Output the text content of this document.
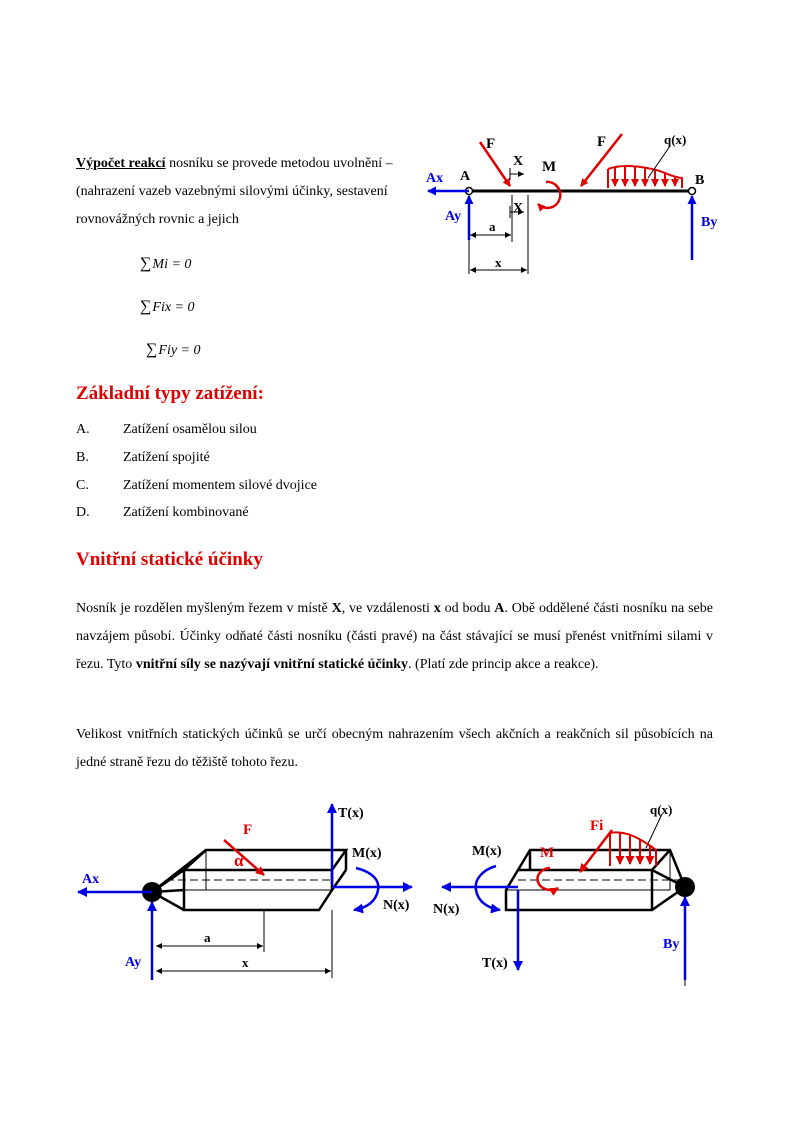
Výpočet reakcí nosníku se provede metodou uvolnění – (nahrazení vazeb vazebnými silovými účinky, sestavení rovnovážných rovnic a jejich
∑Mi = 0
∑Fix = 0
∑Fiy = 0
F	F	q(x)
X
X
M
Ax A	B
Ay	By
a
x
Základní typy zatížení:
A. Zatížení osamělou silou
B. Zatížení spojité
C. Zatížení momentem silové dvojice
D. Zatížení kombinované
Vnitřní statické účinky
Nosník je rozdělen myšleným řezem v místě X, ve vzdálenosti x od bodu A. Obě oddělené části nosníku na sebe navzájem působí. Účinky odňaté části nosníku (části pravé) na část stávající se musí přenést vnitřními silami v řezu. Tyto vnitřní síly se nazývají vnitřní statické účinky. (Platí zde princip akce a reakce).
Velikost vnitřních statických účinků se určí obecným nahrazením všech akčních a reakčních sil působících na jedné straně řezu do těžiště tohoto řezu.
F
α
Ax
Ay
a
x
T(x)
M(x)
N(x)
q(x)
Fi
M
M(x)
N(x)
T(x)
By
